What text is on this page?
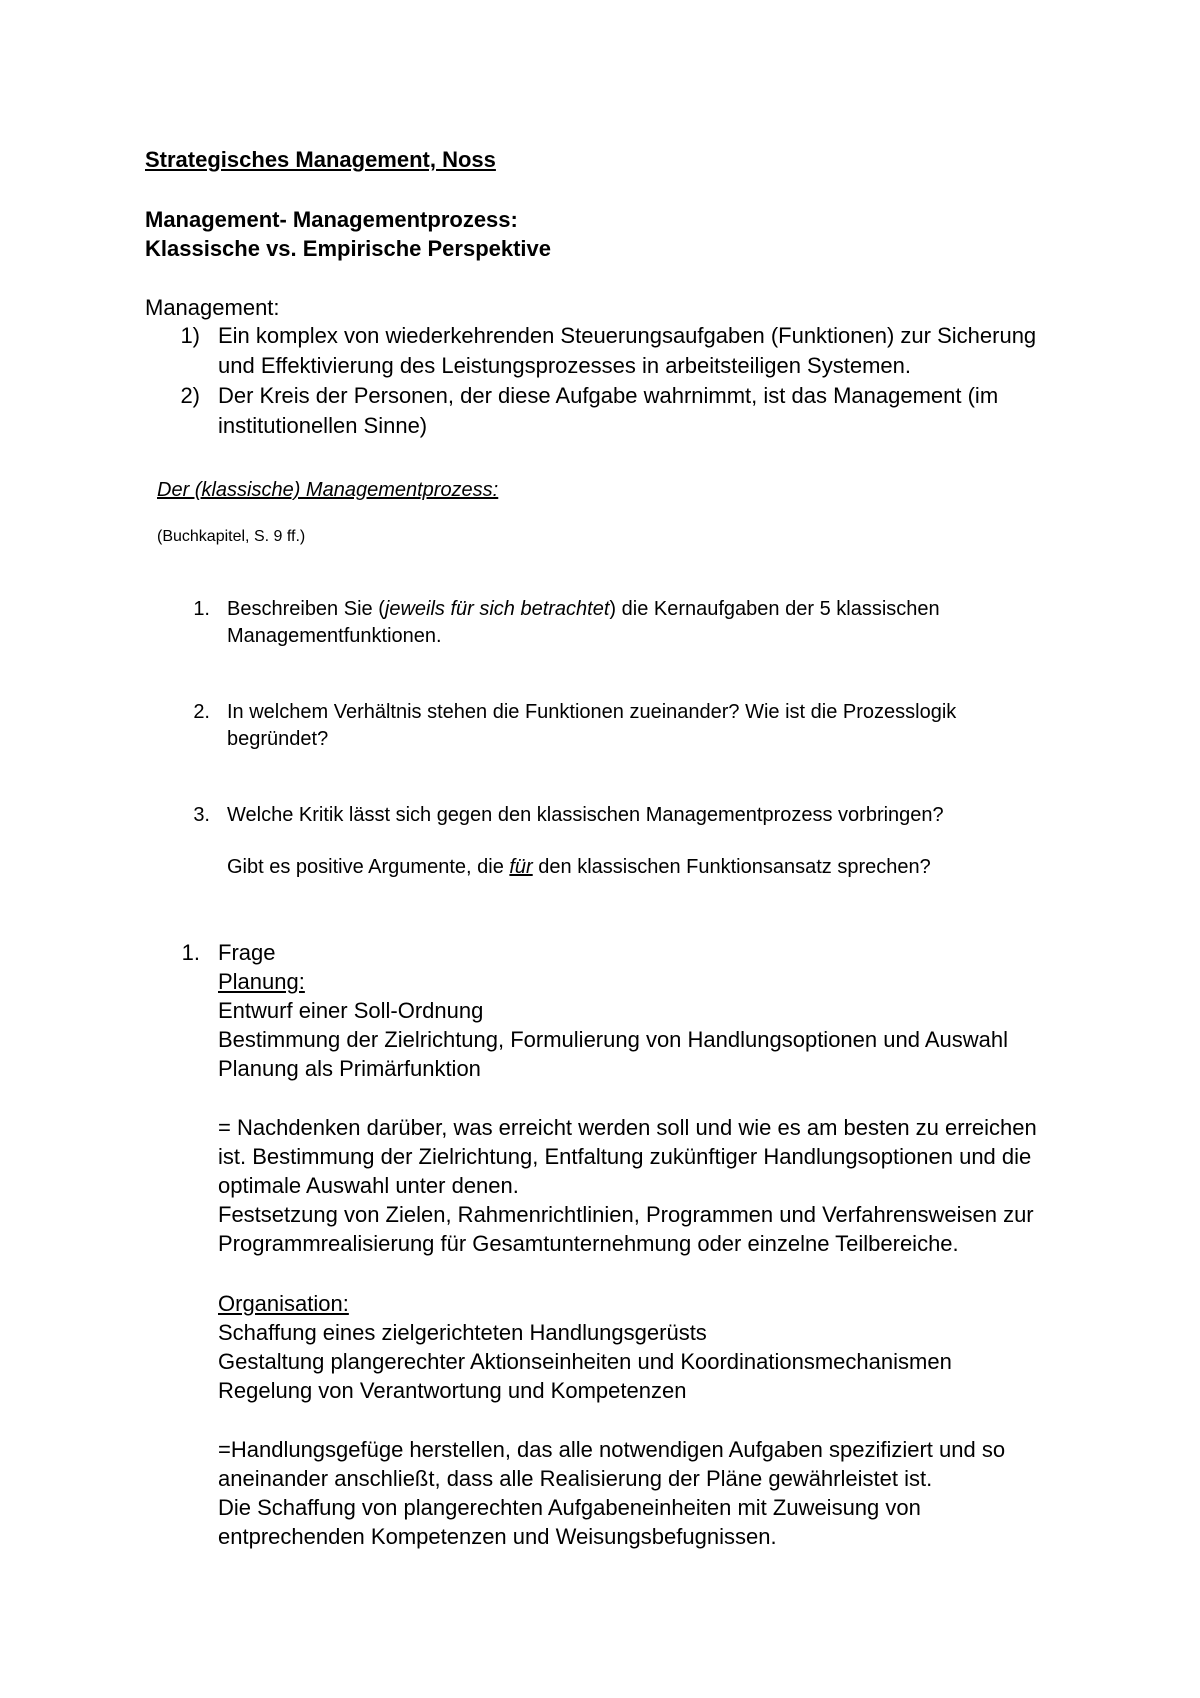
Strategisches Management, Noss
Management- Managementprozess:
Klassische vs. Empirische Perspektive
Management:
1) Ein komplex von wiederkehrenden Steuerungsaufgaben (Funktionen) zur Sicherung
und Effektivierung des Leistungsprozesses in arbeitsteiligen Systemen.
2) Der Kreis der Personen, der diese Aufgabe wahrnimmt, ist das Management (im
institutionellen Sinne)
Der (klassische) Managementprozess:
(Buchkapitel, S. 9 ff.)
1. Beschreiben Sie (jeweils für sich betrachtet) die Kernaufgaben der 5 klassischen
Managementfunktionen.
2. In welchem Verhältnis stehen die Funktionen zueinander? Wie ist die Prozesslogik
begründet?
3. Welche Kritik lässt sich gegen den klassischen Managementprozess vorbringen?
Gibt es positive Argumente, die für den klassischen Funktionsansatz sprechen?
1. Frage
Planung:
Entwurf einer Soll-Ordnung
Bestimmung der Zielrichtung, Formulierung von Handlungsoptionen und Auswahl
Planung als Primärfunktion
= Nachdenken darüber, was erreicht werden soll und wie es am besten zu erreichen
ist. Bestimmung der Zielrichtung, Entfaltung zukünftiger Handlungsoptionen und die
optimale Auswahl unter denen.
Festsetzung von Zielen, Rahmenrichtlinien, Programmen und Verfahrensweisen zur
Programmrealisierung für Gesamtunternehmung oder einzelne Teilbereiche.
Organisation:
Schaffung eines zielgerichteten Handlungsgerüsts
Gestaltung plangerechter Aktionseinheiten und Koordinationsmechanismen
Regelung von Verantwortung und Kompetenzen
=Handlungsgefüge herstellen, das alle notwendigen Aufgaben spezifiziert und so
aneinander anschließt, dass alle Realisierung der Pläne gewährleistet ist.
Die Schaffung von plangerechten Aufgabeneinheiten mit Zuweisung von
entprechenden Kompetenzen und Weisungsbefugnissen.
